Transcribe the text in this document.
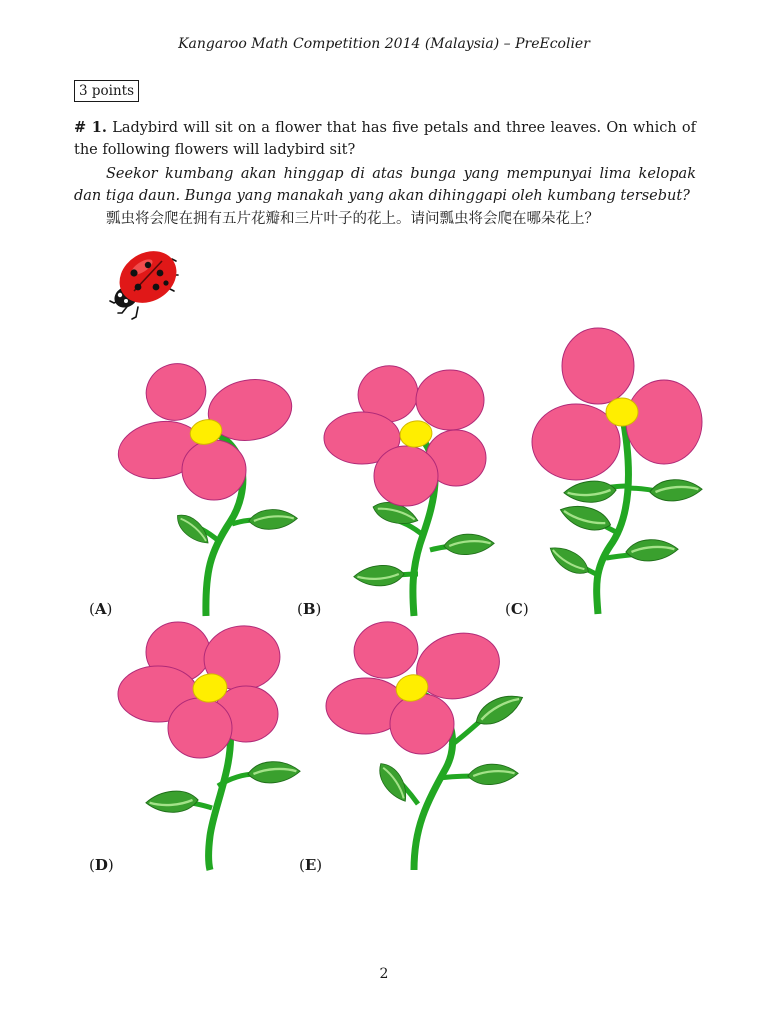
Kangaroo Math Competition 2014 (Malaysia) – PreEcolier
3 points
# 1. Ladybird will sit on a flower that has five petals and three leaves. On which of the following flowers will ladybird sit?
Seekor kumbang akan hinggap di atas bunga yang mempunyai lima kelopak dan tiga daun. Bunga yang manakah yang akan dihinggapi oleh kumbang tersebut?
瓢虫将会爬在拥有五片花瓣和三片叶子的花上。请问瓢虫将会爬在哪朵花上？
(A)	(B)	(C)
(D)	(E)
2
